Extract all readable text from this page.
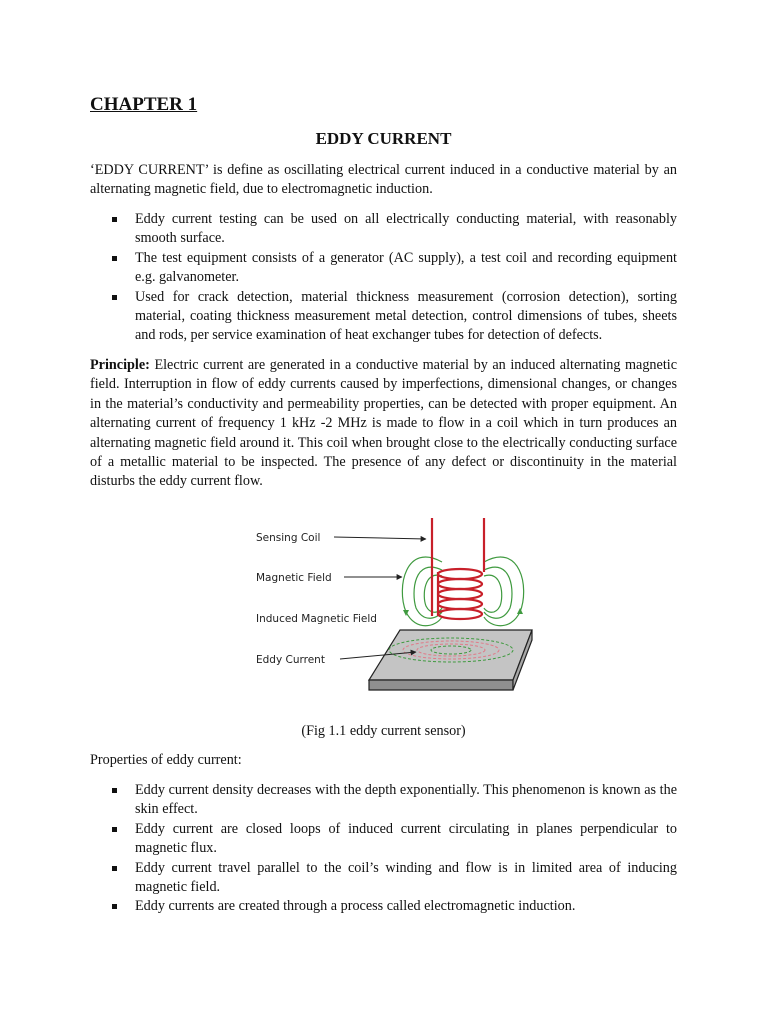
CHAPTER 1
EDDY CURRENT

‘EDDY CURRENT’ is define as oscillating electrical current induced in a conductive material by an alternating magnetic field, due to electromagnetic induction.

Eddy current testing can be used on all electrically conducting material, with reasonably smooth surface.
The test equipment consists of a generator (AC supply), a test coil and recording equipment e.g. galvanometer.
Used for crack detection, material thickness measurement (corrosion detection), sorting material, coating thickness measurement metal detection, control dimensions of tubes, sheets and rods, per service examination of heat exchanger tubes for detection of defects.

Principle: Electric current are generated in a conductive material by an induced alternating magnetic field. Interruption in flow of eddy currents caused by imperfections, dimensional changes, or changes in the material’s conductivity and permeability properties, can be detected with proper equipment. An alternating current of frequency 1 kHz -2 MHz is made to flow in a coil which in turn produces an alternating magnetic field around it. This coil when brought close to the electrically conducting surface of a metallic material to be inspected. The presence of any defect or discontinuity in the material disturbs the eddy current flow.

(Fig 1.1 eddy current sensor)

Properties of eddy current:

Eddy current density decreases with the depth exponentially. This phenomenon is known as the skin effect.
Eddy current are closed loops of induced current circulating in planes perpendicular to magnetic flux.
Eddy current travel parallel to the coil’s winding and flow is in limited area of inducing magnetic field.
Eddy currents are created through a process called electromagnetic induction.
Sensing Coil
Magnetic Field
Induced Magnetic Field
Eddy Current
